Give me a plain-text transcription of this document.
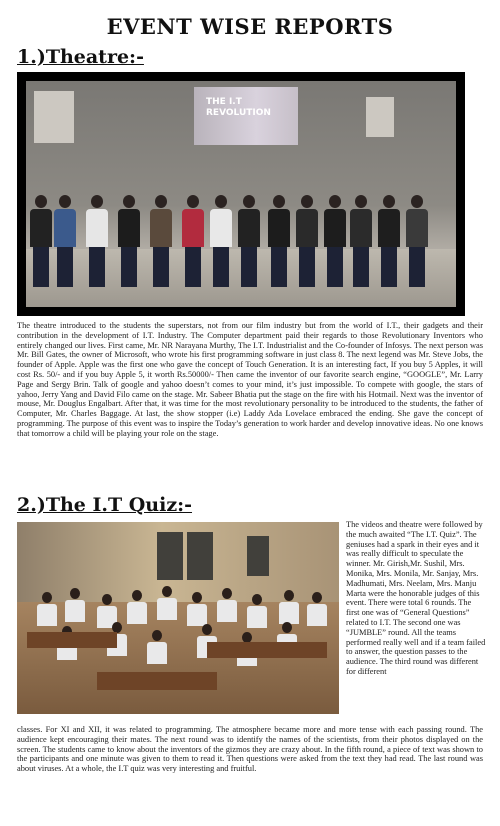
EVENT WISE REPORTS
1.)Theatre:-
THE I.T REVOLUTION
The theatre introduced to the students the superstars, not from our film industry but from the world of I.T., their gadgets and their contribution in the development of I.T. Industry. The Computer department paid their regards to those Revolutionary Inventors who entirely changed our lives. First came, Mr. NR Narayana Murthy, The I.T. Industrialist and the Co-founder of Infosys. The next person was Mr. Bill Gates, the owner of Microsoft, who wrote his first programming software in just class 8. The next legend was Mr. Steve Jobs, the founder of Apple. Apple was the first one who gave the concept of Touch Generation. It is an interesting fact, If you buy 5 Apples, it will cost Rs. 50/- and if you buy Apple 5, it worth Rs.50000/- Then came the inventor of our favorite search engine, “GOOGLE”, Mr. Larry Page and Sergy Brin. Talk of google and yahoo doesn’t comes to your mind, it’s just impossible. To compete with google, the stars of yahoo, Jerry Yang and David Filo came on the stage. Mr. Sabeer Bhatia put the stage on the fire with his Hotmail. Next was the inventor of mouse, Mr. Douglus Engalbart. After that, it was time for the most revolutionary personality to be introduced to the students, the father of Computer, Mr. Charles Baggage. At last, the show stopper (i.e) Laddy Ada Lovelace embraced the ending. She gave the concept of programming. The purpose of this event was to inspire the Today’s generation to work harder and develop innovative ideas. No one knows that tomorrow a child will be playing your role on the stage.
2.)The I.T Quiz:-
The videos and theatre were followed by the much awaited “The I.T. Quiz”. The geniuses had a spark in their eyes and it was really difficult to speculate the winner. Mr. Girish,Mr. Sushil, Mrs. Monika, Mrs. Monila, Mr. Sanjay, Mrs. Madhumati, Mrs. Neelam, Mrs. Manju Marta were the honorable judges of this event. There were total 6 rounds. The first one was of “General Questions” related to I.T. The second one was “JUMBLE” round. All the teams performed really well and if a team failed to answer, the question passes to the audience. The third round was different for different
classes. For XI and XII, it was related to programming. The atmosphere became more and more tense with each passing round. The audience kept encouraging their mates. The next round was to identify the names of the scientists, from their photos displayed on the screen. The students came to know about the inventors of the gizmos they are crazy about. In the fifth round, a piece of text was shown to the participants and one minute was given to them to read it. Then questions were asked from the text they had read. The last round was about viruses. At a whole, the I.T quiz was very interesting and fruitful.
